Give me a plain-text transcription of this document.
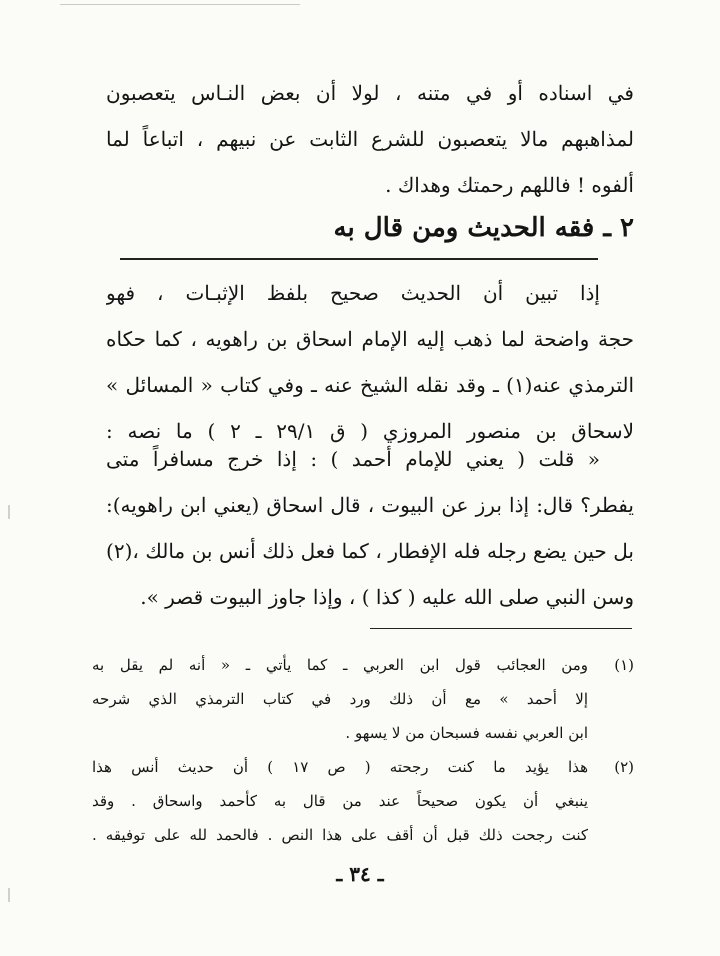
في اسناده أو في متنه ، لولا أن بعض النـاس يتعصبون
لمذاهبهم مالا يتعصبون للشرع الثابت عن نبيهم ، اتباعاً لما
ألفوه ! فاللهم رحمتك وهداك .

٢ ـ فقه الحديث ومن قال به

إذا تبين أن الحديث صحيح بلفظ الإثبـات ، فهو
حجة واضحة لما ذهب إليه الإمام اسحاق بن راهويه ، كما حكاه
الترمذي عنه(١) ـ وقد نقله الشيخ عنه ـ وفي كتاب « المسائل »
لاسحاق بن منصور المروزي ( ق ٢٩/١ ـ ٢ ) ما نصه :

« قلت ( يعني للإمام أحمد ) : إذا خرج مسافراً متى
يفطر؟ قال: إذا برز عن البيوت ، قال اسحاق (يعني ابن راهويه):
بل حين يضع رجله فله الإفطار ، كما فعل ذلك أنس بن مالك ،(٢)
وسن النبي صلى الله عليه ( كذا ) ، وإذا جاوز البيوت قصر ».

(١)
ومن العجائب قول ابن العربي ـ كما يأتي ـ « أنه لم يقل به
إلا أحمد » مع أن ذلك ورد في كتاب الترمذي الذي شرحه
ابن العربي نفسه فسبحان من لا يسهو .
(٢)
هذا يؤيد ما كنت رجحته ( ص ١٧ ) أن حديث أنس هذا
ينبغي أن يكون صحيحاً عند من قال به كأحمد واسحاق . وقد
كنت رجحت ذلك قبل أن أقف على هذا النص . فالحمد لله على توفيقه .
ـ ٣٤ ـ
